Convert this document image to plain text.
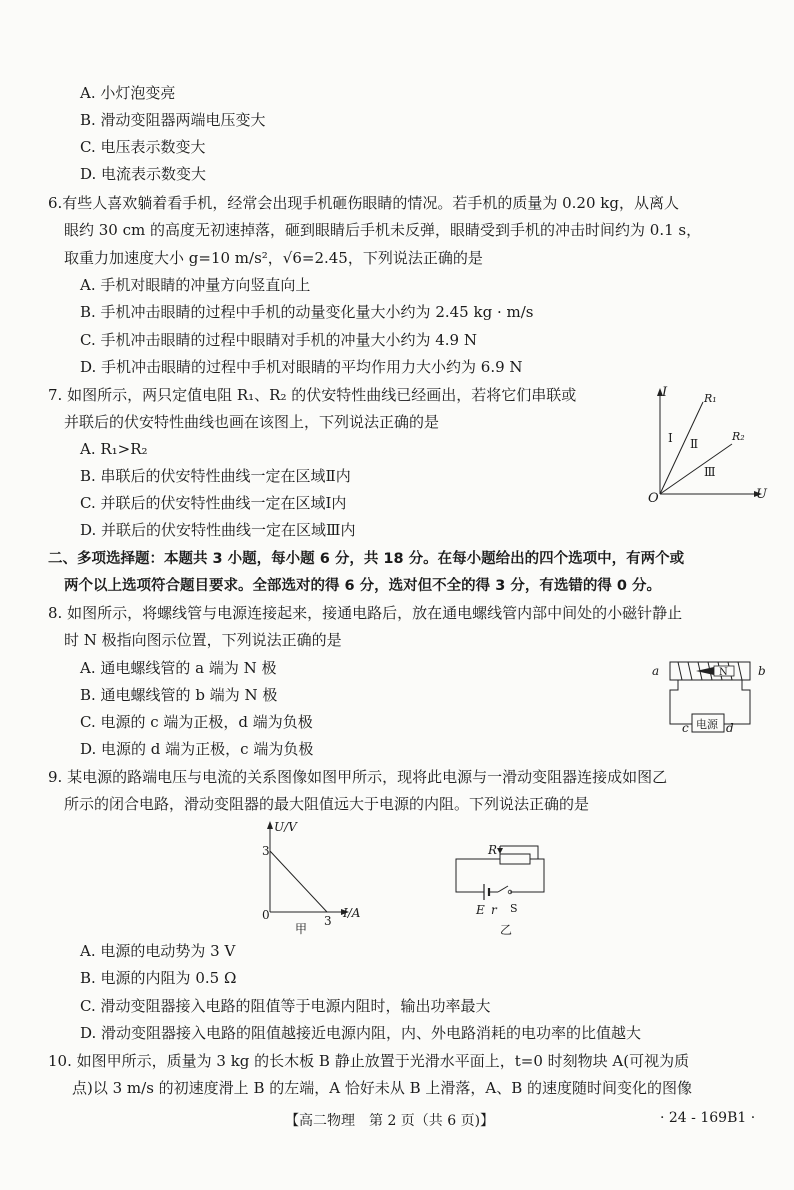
A. 小灯泡变亮
B. 滑动变阻器两端电压变大
C. 电压表示数变大
D. 电流表示数变大
6.有些人喜欢躺着看手机，经常会出现手机砸伤眼睛的情况。若手机的质量为 0.20 kg，从离人
眼约 30 cm 的高度无初速掉落，砸到眼睛后手机未反弹，眼睛受到手机的冲击时间约为 0.1 s，
取重力加速度大小 g=10 m/s²，√6=2.45，下列说法正确的是
A. 手机对眼睛的冲量方向竖直向上
B. 手机冲击眼睛的过程中手机的动量变化量大小约为 2.45 kg · m/s
C. 手机冲击眼睛的过程中眼睛对手机的冲量大小约为 4.9 N
D. 手机冲击眼睛的过程中手机对眼睛的平均作用力大小约为 6.9 N
7. 如图所示，两只定值电阻 R₁、R₂ 的伏安特性曲线已经画出，若将它们串联或
并联后的伏安特性曲线也画在该图上，下列说法正确的是
A. R₁>R₂
B. 串联后的伏安特性曲线一定在区域Ⅱ内
C. 并联后的伏安特性曲线一定在区域Ⅰ内
D. 并联后的伏安特性曲线一定在区域Ⅲ内
I
U
O
R₁
R₂
Ⅰ Ⅱ
Ⅲ
二、多项选择题：本题共 3 小题，每小题 6 分，共 18 分。在每小题给出的四个选项中，有两个或
两个以上选项符合题目要求。全部选对的得 6 分，选对但不全的得 3 分，有选错的得 0 分。
8. 如图所示，将螺线管与电源连接起来，接通电路后，放在通电螺线管内部中间处的小磁针静止
时 N 极指向图示位置，下列说法正确的是
A. 通电螺线管的 a 端为 N 极
B. 通电螺线管的 b 端为 N 极
C. 电源的 c 端为正极，d 端为负极
D. 电源的 d 端为正极，c 端为负极
N
a	b
电源
c	d
9. 某电源的路端电压与电流的关系图像如图甲所示，现将此电源与一滑动变阻器连接成如图乙
所示的闭合电路，滑动变阻器的最大阻值远大于电源的内阻。下列说法正确的是
U/V
I/A
3
3
0
甲
R
E r S
乙
A. 电源的电动势为 3 V
B. 电源的内阻为 0.5 Ω
C. 滑动变阻器接入电路的阻值等于电源内阻时，输出功率最大
D. 滑动变阻器接入电路的阻值越接近电源内阻，内、外电路消耗的电功率的比值越大
10. 如图甲所示，质量为 3 kg 的长木板 B 静止放置于光滑水平面上，t=0 时刻物块 A(可视为质
点)以 3 m/s 的初速度滑上 B 的左端，A 恰好未从 B 上滑落，A、B 的速度随时间变化的图像
【高二物理　第 2 页（共 6 页)】	· 24 - 169B1 ·
